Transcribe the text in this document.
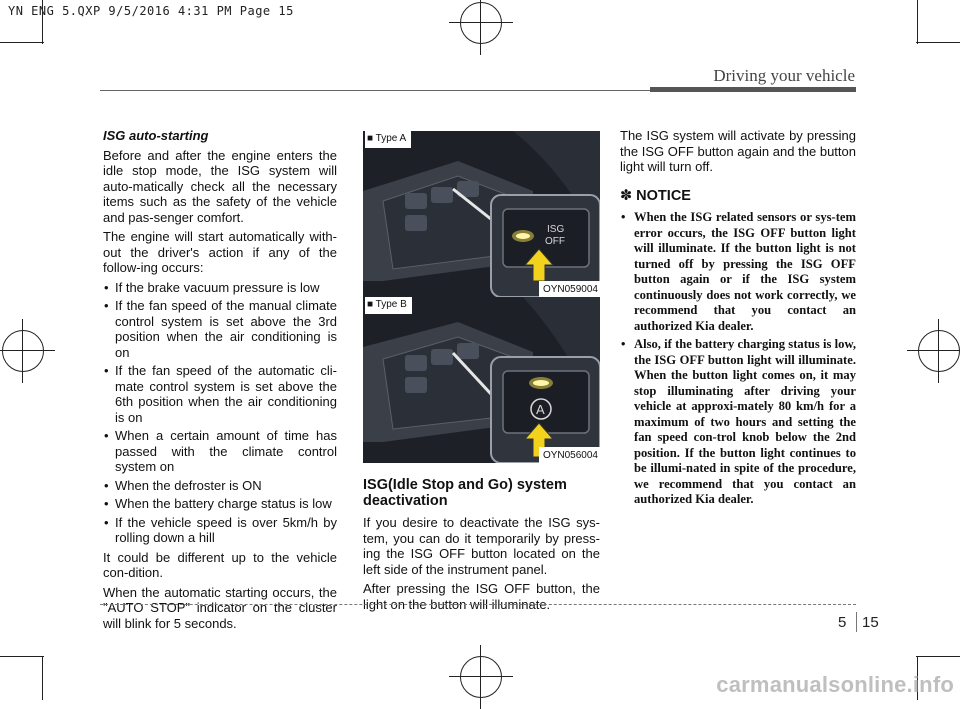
YN ENG 5.QXP 9/5/2016 4:31 PM Page 15
Driving your vehicle

ISG auto-starting

Before and after the engine enters the idle stop mode, the ISG system will auto-matically check all the necessary items such as the safety of the vehicle and pas-senger comfort.

The engine will start automatically with-out the driver's action if any of the follow-ing occurs:

• If the brake vacuum pressure is low
• If the fan speed of the manual climate control system is set above the 3rd position when the air conditioning is on
• If the fan speed of the automatic cli-mate control system is set above the 6th position when the air conditioning is on
• When a certain amount of time has passed with the climate control system on
• When the defroster is ON
• When the battery charge status is low
• If the vehicle speed is over 5km/h by rolling down a hill

It could be different up to the vehicle con-dition.

When the automatic starting occurs, the "AUTO STOP" indicator on the cluster will blink for 5 seconds.

ISG
OFF
■ Type A
OYN059004
A
■ Type B
OYN056004
ISG(Idle Stop and Go) system deactivation

If you desire to deactivate the ISG sys-tem, you can do it temporarily by press-ing the ISG OFF button located on the left side of the instrument panel.

After pressing the ISG OFF button, the light on the button will illuminate.

The ISG system will activate by pressing the ISG OFF button again and the button light will turn off.

✽ NOTICE
• When the ISG related sensors or sys-tem error occurs, the ISG OFF button light will illuminate. If the button light is not turned off by pressing the ISG OFF button again or if the ISG system continuously does not work correctly, we recommend that you contact an authorized Kia dealer.
• Also, if the battery charging status is low, the ISG OFF button light will illuminate. When the button light comes on, it may stop illuminating after driving your vehicle at approxi-mately 80 km/h for a maximum of two hours and setting the fan speed con-trol knob below the 2nd position. If the button light continues to be illumi-nated in spite of the procedure, we recommend that you contact an authorized Kia dealer.
5 15
carmanualsonline.info
